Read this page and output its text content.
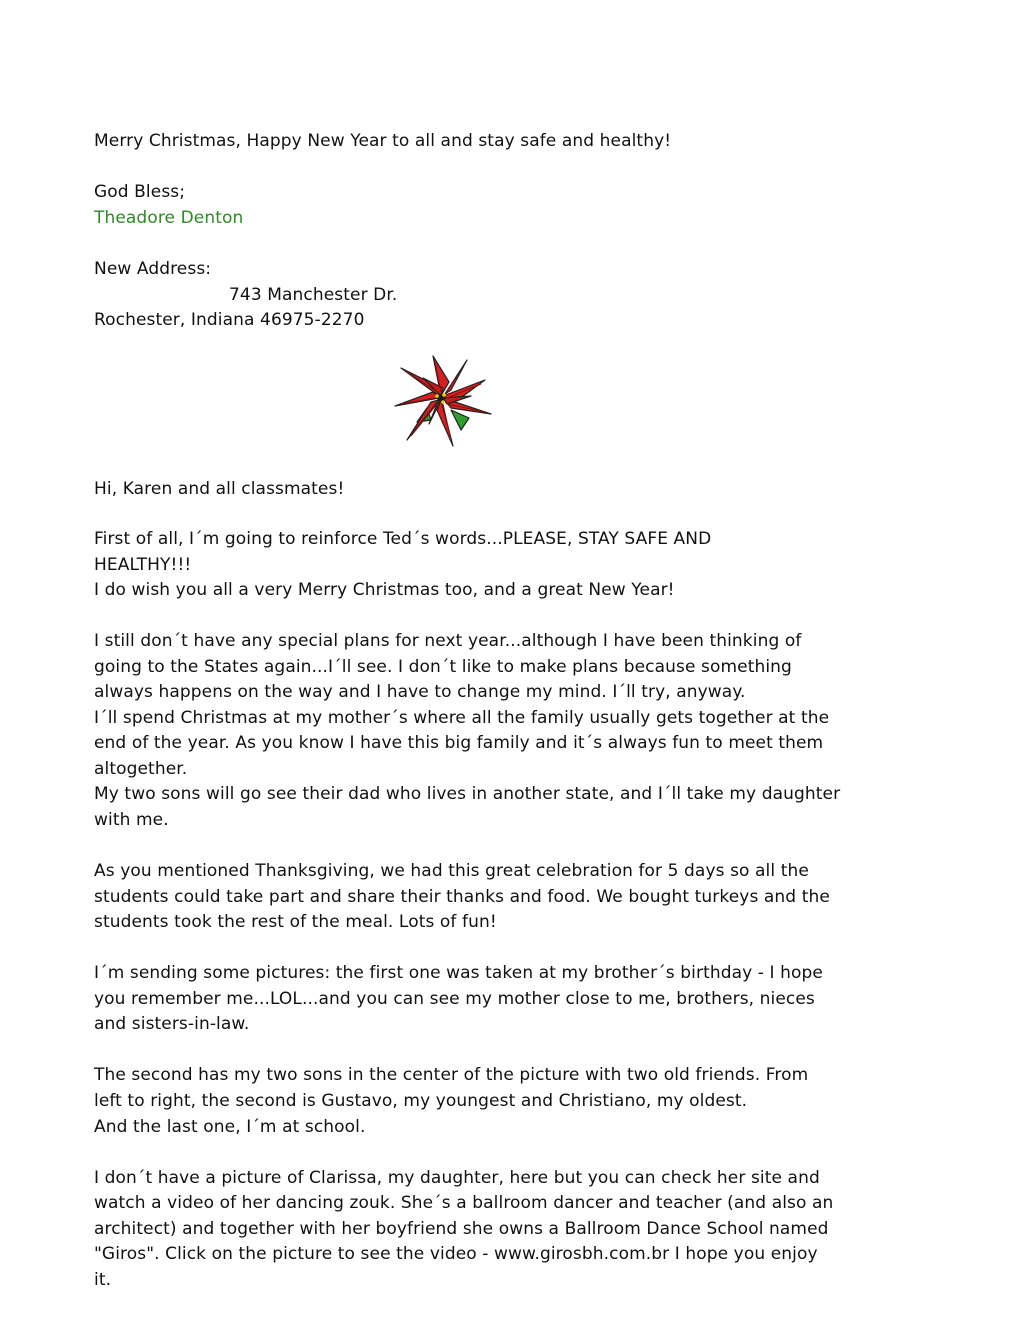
Merry Christmas, Happy New Year to all and stay safe and healthy!
God Bless;
Theadore Denton
New Address:
743 Manchester Dr.
Rochester, Indiana 46975-2270
Hi, Karen and all classmates!
First of all, I´m going to reinforce Ted´s words...PLEASE, STAY SAFE AND
HEALTHY!!!
I do wish you all a very Merry Christmas too, and a great New Year!
I still don´t have any special plans for next year...although I have been thinking of
going to the States again...I´ll see. I don´t like to make plans because something
always happens on the way and I have to change my mind. I´ll try, anyway.
I´ll spend Christmas at my mother´s where all the family usually gets together at the
end of the year. As you know I have this big family and it´s always fun to meet them
altogether.
My two sons will go see their dad who lives in another state, and I´ll take my daughter
with me.
As you mentioned Thanksgiving, we had this great celebration for 5 days so all the
students could take part and share their thanks and food. We bought turkeys and the
students took the rest of the meal. Lots of fun!
I´m sending some pictures: the first one was taken at my brother´s birthday - I hope
you remember me...LOL...and you can see my mother close to me, brothers, nieces
and sisters-in-law.
The second has my two sons in the center of the picture with two old friends. From
left to right, the second is Gustavo, my youngest and Christiano, my oldest.
And the last one, I´m at school.
I don´t have a picture of Clarissa, my daughter, here but you can check her site and
watch a video of her dancing zouk. She´s a ballroom dancer and teacher (and also an
architect) and together with her boyfriend she owns a Ballroom Dance School named
"Giros". Click on the picture to see the video - www.girosbh.com.br I hope you enjoy
it.
